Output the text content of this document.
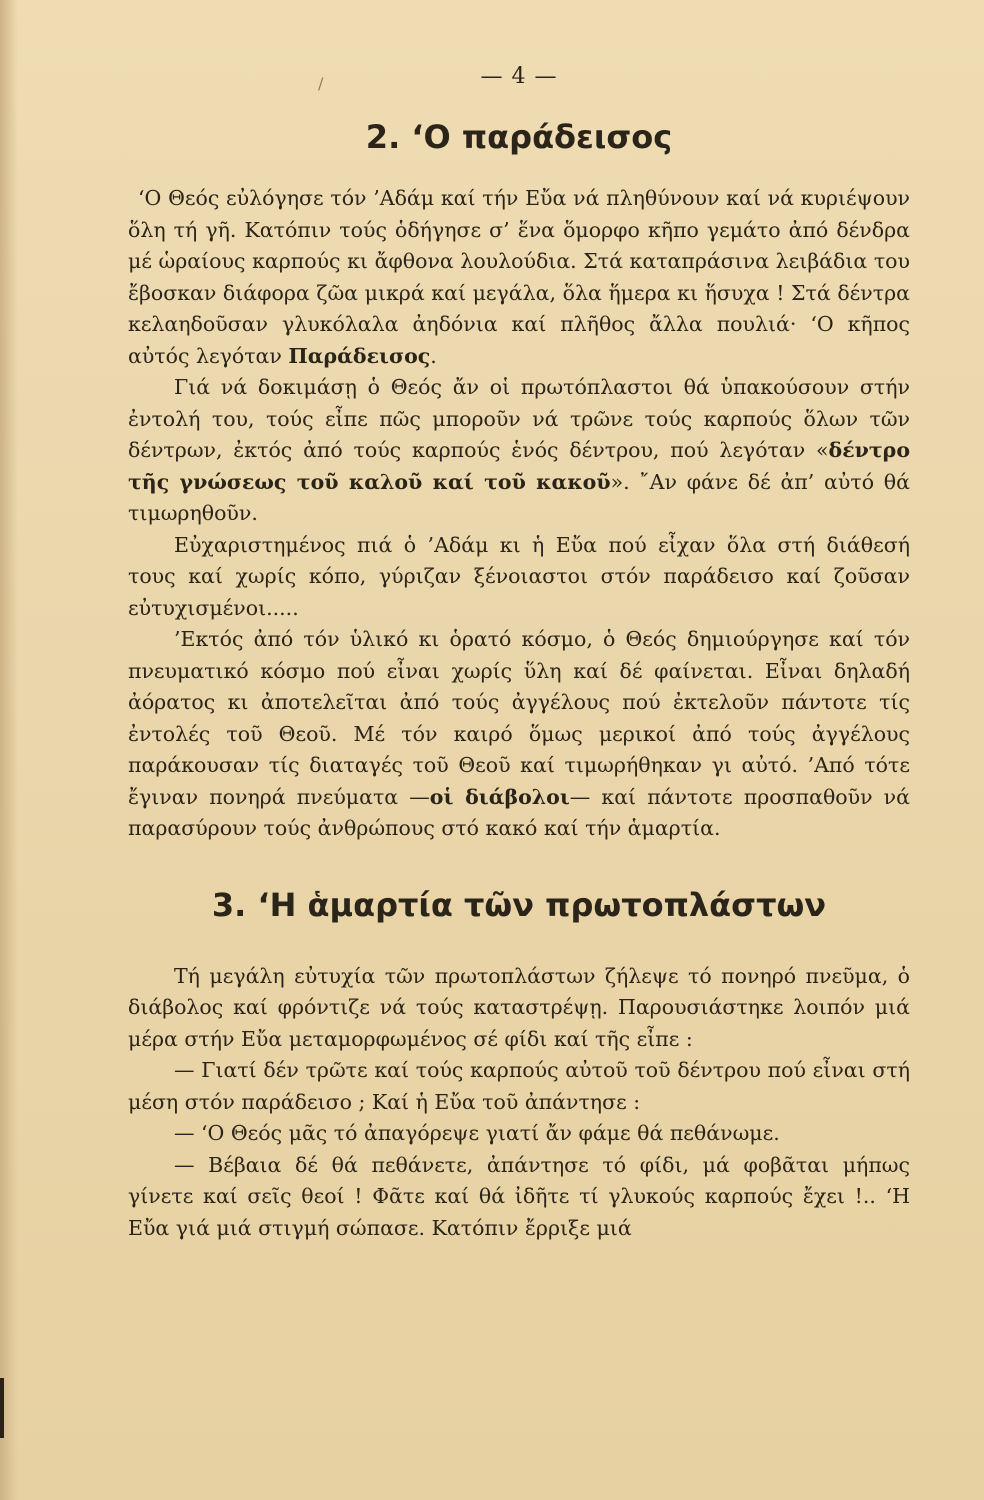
/	— 4 —
2. ‘Ο παράδεισος

‘Ο Θεός εὐλόγησε τόν ’Αδάμ καί τήν Εὔα νά πληθύνουν καί νά κυριέψουν ὅλη τή γῆ. Κατόπιν τούς ὁδήγησε σ’ ἕνα ὅμορφο κῆπο γεμάτο ἀπό δένδρα μέ ὡραίους καρπούς κι ἄφθονα λουλούδια. Στά καταπράσινα λειβάδια του ἔβοσκαν διάφορα ζῶα μικρά καί μεγάλα, ὅλα ἥμερα κι ἥσυχα ! Στά δέντρα κελαηδοῦσαν γλυκόλαλα ἀηδόνια καί πλῆθος ἄλλα πουλιά· ‘Ο κῆπος αὐτός λεγόταν Παράδεισος.

Γιά νά δοκιμάσῃ ὁ Θεός ἄν οἱ πρωτόπλαστοι θά ὑπακούσουν στήν ἐντολή του, τούς εἶπε πῶς μποροῦν νά τρῶνε τούς καρπούς ὅλων τῶν δέντρων, ἐκτός ἀπό τούς καρπούς ἑνός δέντρου, πού λεγόταν «δέντρο τῆς γνώσεως τοῦ καλοῦ καί τοῦ κακοῦ». ῎Αν φάνε δέ ἀπ’ αὐτό θά τιμωρηθοῦν.

Εὐχαριστημένος πιά ὁ ’Αδάμ κι ἡ Εὔα πού εἶχαν ὅλα στή διάθεσή τους καί χωρίς κόπο, γύριζαν ξένοιαστοι στόν παράδεισο καί ζοῦσαν εὐτυχισμένοι.....

’Εκτός ἀπό τόν ὑλικό κι ὁρατό κόσμο, ὁ Θεός δημιούργησε καί τόν πνευματικό κόσμο πού εἶναι χωρίς ὕλη καί δέ φαίνεται. Εἶναι δηλαδή ἀόρατος κι ἀποτελεῖται ἀπό τούς ἀγγέλους πού ἐκτελοῦν πάντοτε τίς ἐντολές τοῦ Θεοῦ. Μέ τόν καιρό ὅμως μερικοί ἀπό τούς ἀγγέλους παράκουσαν τίς διαταγές τοῦ Θεοῦ καί τιμωρήθηκαν γι αὐτό. ’Από τότε ἔγιναν πονηρά πνεύματα —οἱ διάβολοι— καί πάντοτε προσπαθοῦν νά παρασύρουν τούς ἀνθρώπους στό κακό καί τήν ἁμαρτία.

3. ‘Η ἁμαρτία τῶν πρωτοπλάστων

Τή μεγάλη εὐτυχία τῶν πρωτοπλάστων ζήλεψε τό πονηρό πνεῦμα, ὁ διάβολος καί φρόντιζε νά τούς καταστρέψῃ. Παρουσιάστηκε λοιπόν μιά μέρα στήν Εὔα μεταμορφωμένος σέ φίδι καί τῆς εἶπε :

— Γιατί δέν τρῶτε καί τούς καρπούς αὐτοῦ τοῦ δέντρου πού εἶναι στή μέση στόν παράδεισο ; Καί ἡ Εὔα τοῦ ἀπάντησε :

— ‘Ο Θεός μᾶς τό ἀπαγόρεψε γιατί ἄν φάμε θά πεθάνωμε.

— Βέβαια δέ θά πεθάνετε, ἀπάντησε τό φίδι, μά φοβᾶται μήπως γίνετε καί σεῖς θεοί ! Φᾶτε καί θά ἰδῆτε τί γλυκούς καρπούς ἔχει !.. ‘Η Εὔα γιά μιά στιγμή σώπασε. Κατόπιν ἔρριξε μιά
